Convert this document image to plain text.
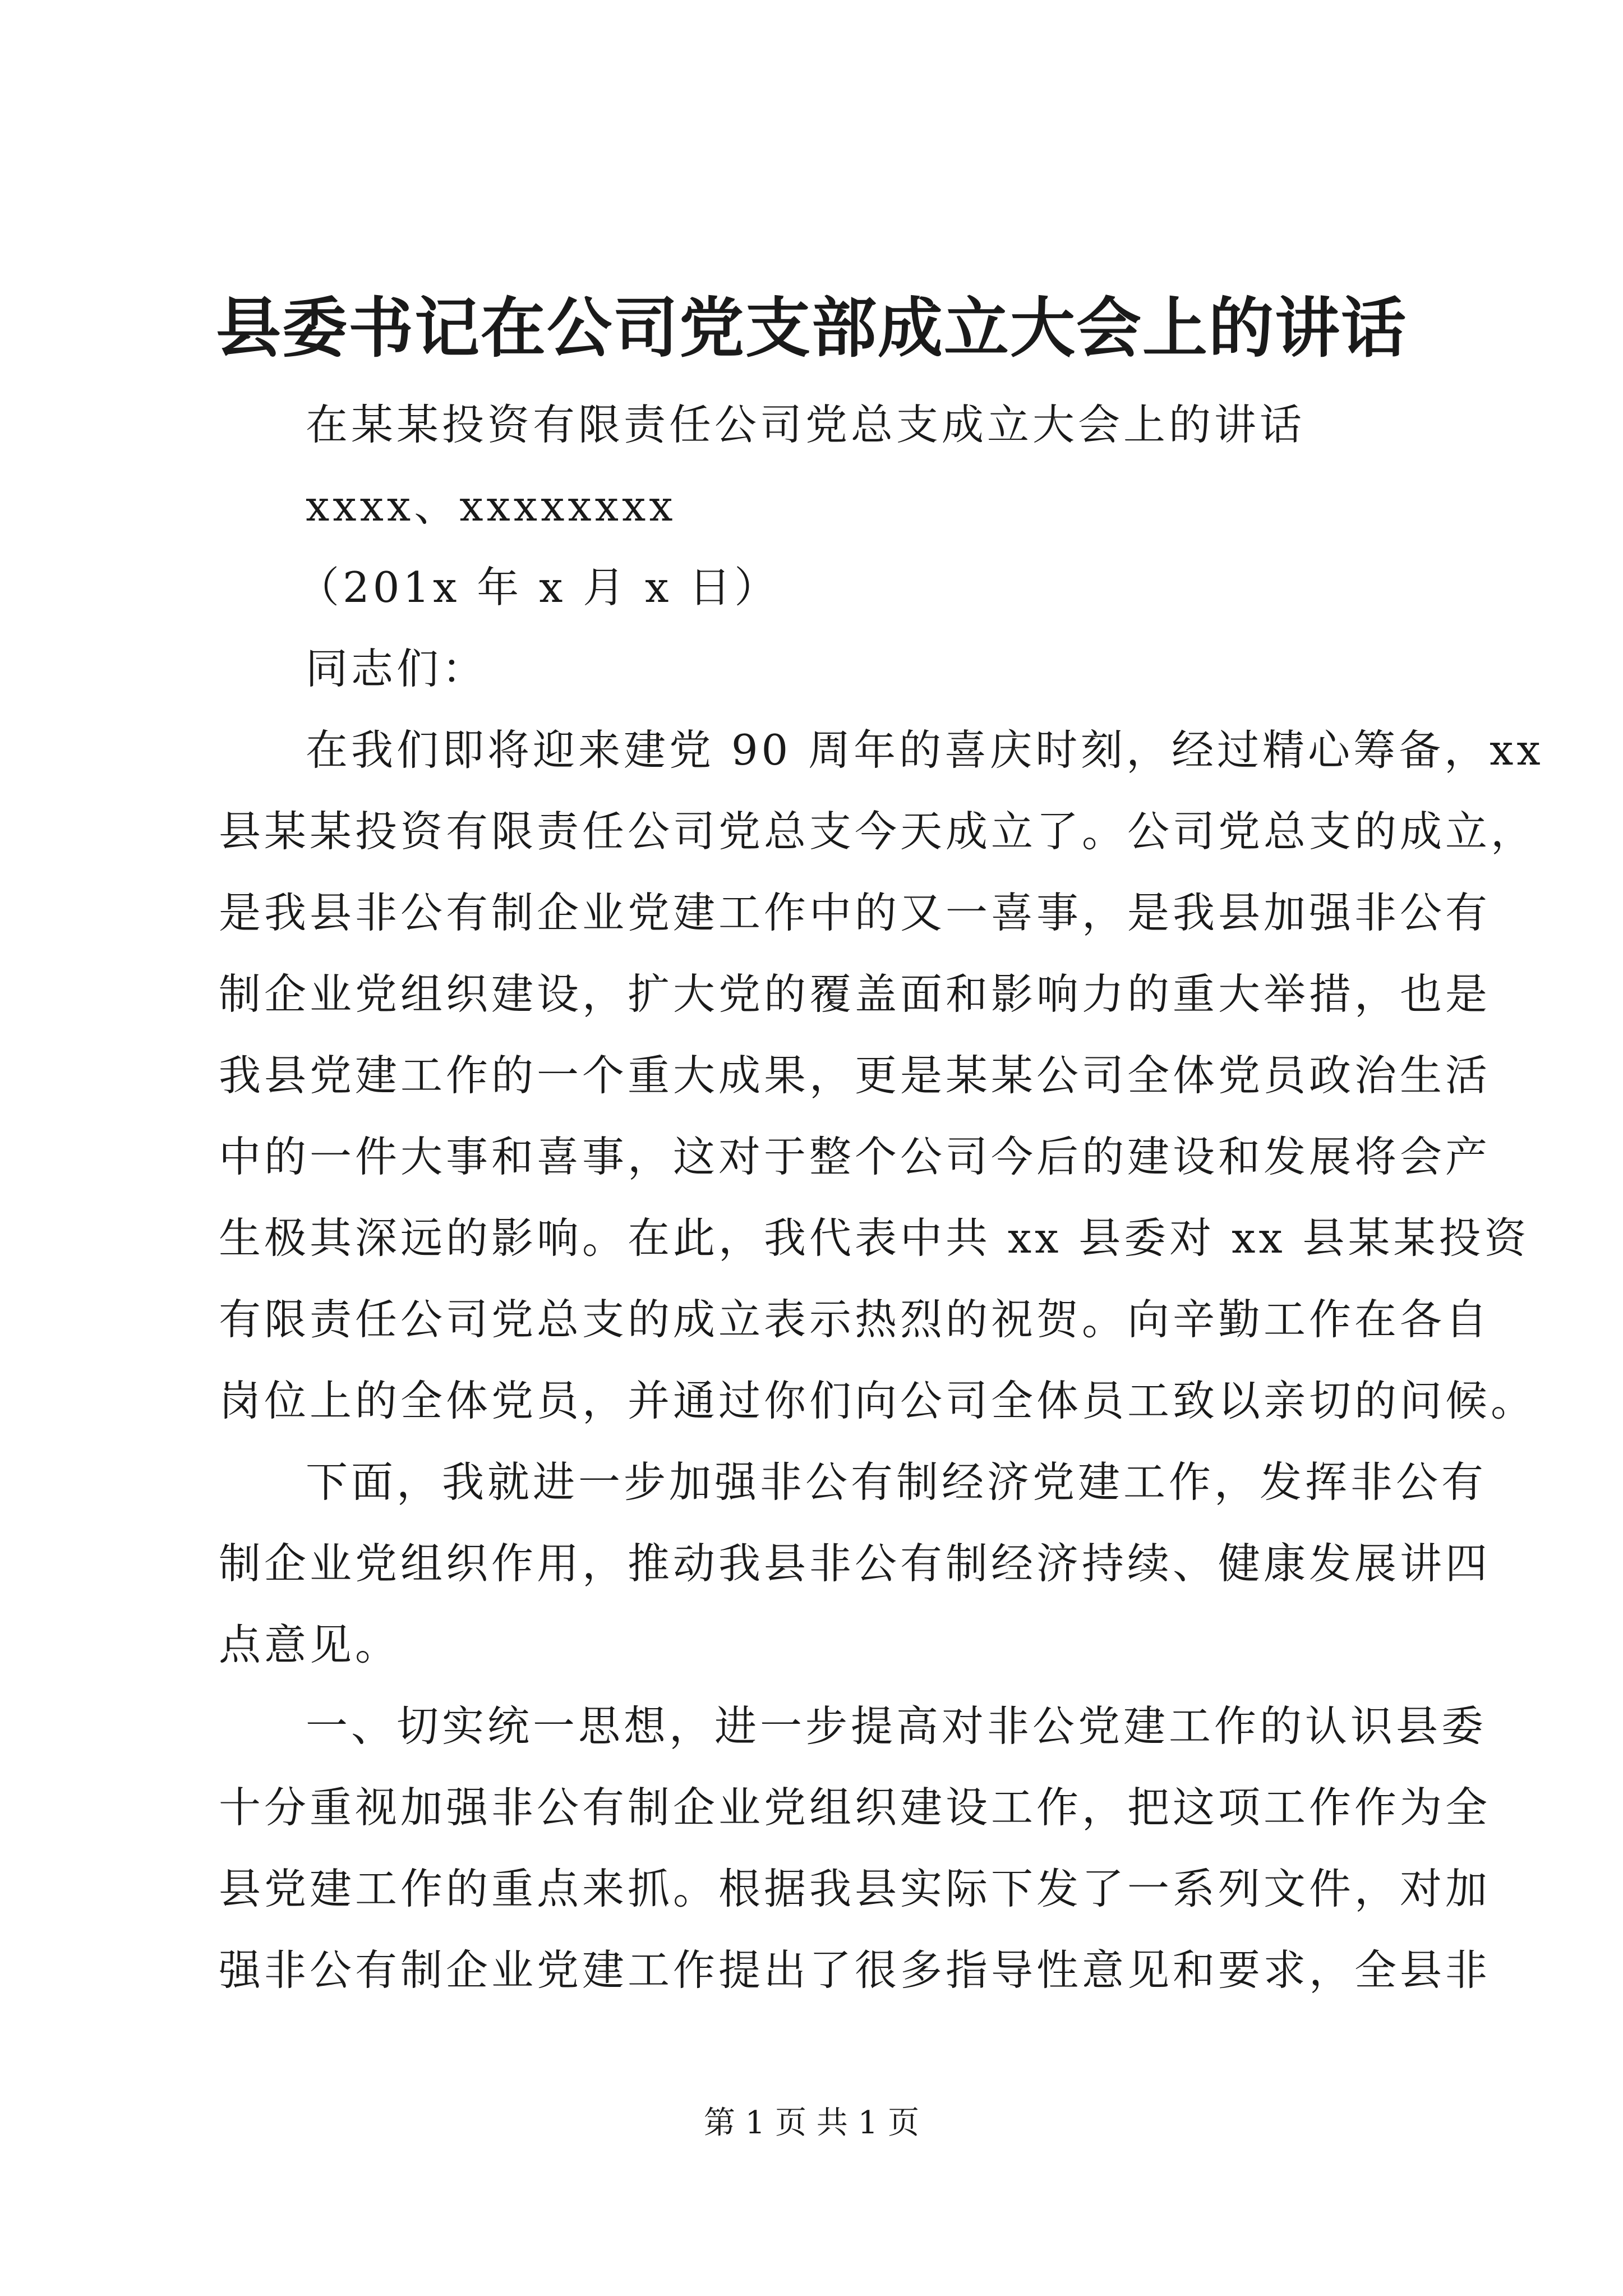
县委书记在公司党支部成立大会上的讲话

在某某投资有限责任公司党总支成立大会上的讲话

xxxx、xxxxxxxx

（201x 年 x 月 x 日）

同志们：

在我们即将迎来建党 90 周年的喜庆时刻，经过精心筹备，xx

县某某投资有限责任公司党总支今天成立了。公司党总支的成立，

是我县非公有制企业党建工作中的又一喜事，是我县加强非公有

制企业党组织建设，扩大党的覆盖面和影响力的重大举措，也是

我县党建工作的一个重大成果，更是某某公司全体党员政治生活

中的一件大事和喜事，这对于整个公司今后的建设和发展将会产

生极其深远的影响。在此，我代表中共 xx 县委对 xx 县某某投资

有限责任公司党总支的成立表示热烈的祝贺。向辛勤工作在各自

岗位上的全体党员，并通过你们向公司全体员工致以亲切的问候。

下面，我就进一步加强非公有制经济党建工作，发挥非公有

制企业党组织作用，推动我县非公有制经济持续、健康发展讲四

点意见。

一、切实统一思想，进一步提高对非公党建工作的认识县委

十分重视加强非公有制企业党组织建设工作，把这项工作作为全

县党建工作的重点来抓。根据我县实际下发了一系列文件，对加

强非公有制企业党建工作提出了很多指导性意见和要求，全县非

第 1 页 共 1 页
